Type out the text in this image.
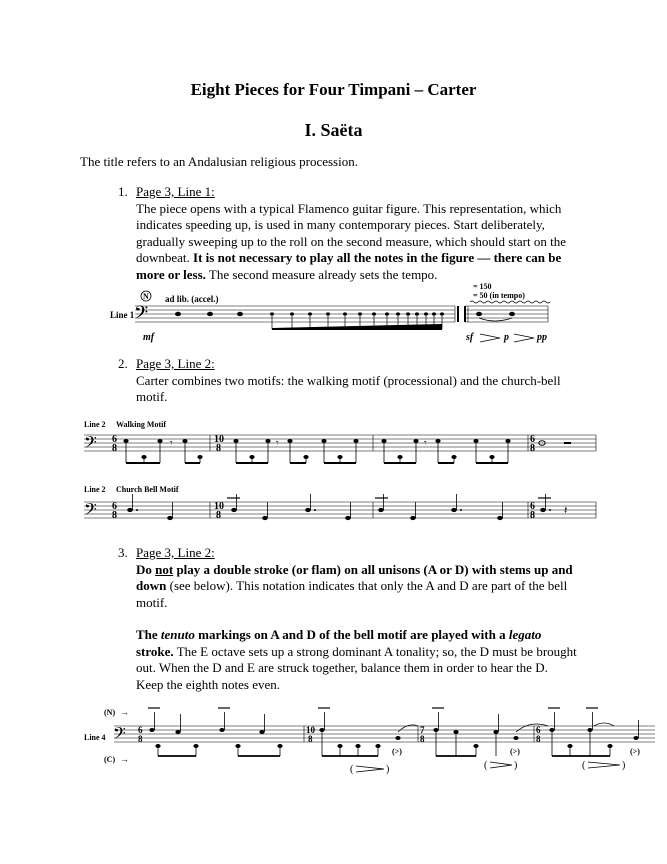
Eight Pieces for Four Timpani – Carter
I. Saëta
The title refers to an Andalusian religious procession.
1. Page 3, Line 1:
The piece opens with a typical Flamenco guitar figure. This representation, which indicates speeding up, is used in many contemporary pieces. Start deliberately, gradually sweeping up to the roll on the second measure, which should start on the downbeat. It is not necessary to play all the notes in the figure — there can be more or less. The second measure already sets the tempo.
Line 1
N ad lib. (accel.)
𝄢
= 150
= 50 (in tempo)
mf	sf	p	pp
2. Page 3, Line 2:
Carter combines two motifs: the walking motif (processional) and the church-bell motif.
Line 2 Walking Motif
𝄢 6
8
10
8
6
8
𝄾	𝄾	𝄾
Line 2 Church Bell Motif
𝄢 6
8
10
8
6
8	𝄽
3. Page 3, Line 2:
Do not play a double stroke (or flam) on all unisons (A or D) with stems up and down (see below). This notation indicates that only the A and D are part of the bell motif.
The tenuto markings on A and D of the bell motif are played with a legato stroke. The E octave sets up a strong dominant A tonality; so, the D must be brought out. When the D and E are struck together, balance them in order to hear the D. Keep the eighth notes even.
(N) →
Line 4
(C) →
𝄢 6
8
10
8
7
8
6
8
(>)	(>)	(>)
(	)	(	)	(	)
